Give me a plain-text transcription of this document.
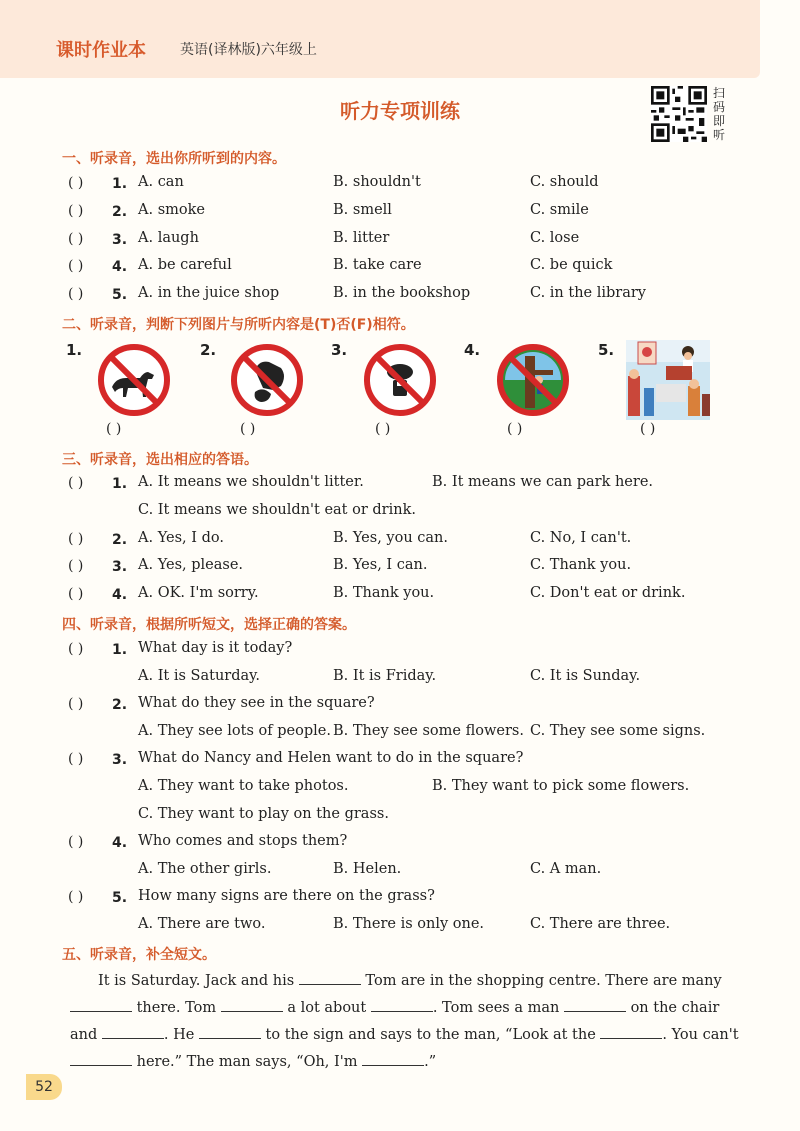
课时作业本 英语(译林版)六年级上
听力专项训练
扫码即听
一、听录音，选出你所听到的内容。
( ) 1. A. can	B. shouldn't	C. should
( ) 2. A. smoke	B. smell	C. smile
( ) 3. A. laugh	B. litter	C. lose
( ) 4. A. be careful	B. take care	C. be quick
( ) 5. A. in the juice shop	B. in the bookshop	C. in the library
二、听录音，判断下列图片与所听内容是(T)否(F)相符。
1.	2.	3.	4.	5.
( )	( )	( )	( )	( )
三、听录音，选出相应的答语。
( ) 1. A. It means we shouldn't litter.	B. It means we can park here.
C. It means we shouldn't eat or drink.
( ) 2. A. Yes, I do.	B. Yes, you can.	C. No, I can't.
( ) 3. A. Yes, please.	B. Yes, I can.	C. Thank you.
( ) 4. A. OK. I'm sorry.	B. Thank you.	C. Don't eat or drink.
四、听录音，根据所听短文，选择正确的答案。
( ) 1. What day is it today?
A. It is Saturday.	B. It is Friday.	C. It is Sunday.
( ) 2. What do they see in the square?
A. They see lots of people. B. They see some flowers. C. They see some signs.
( ) 3. What do Nancy and Helen want to do in the square?
A. They want to take photos.	B. They want to pick some flowers.
C. They want to play on the grass.
( ) 4. Who comes and stops them?
A. The other girls.	B. Helen.	C. A man.
( ) 5. How many signs are there on the grass?
A. There are two.	B. There is only one.	C. There are three.
五、听录音，补全短文。
It is Saturday. Jack and his	Tom are in the shopping centre. There are many
there. Tom	a lot about	. Tom sees a man	on the chair
and	. He	to the sign and says to the man, “Look at the	. You can't
here.” The man says, “Oh, I'm	.”
52
